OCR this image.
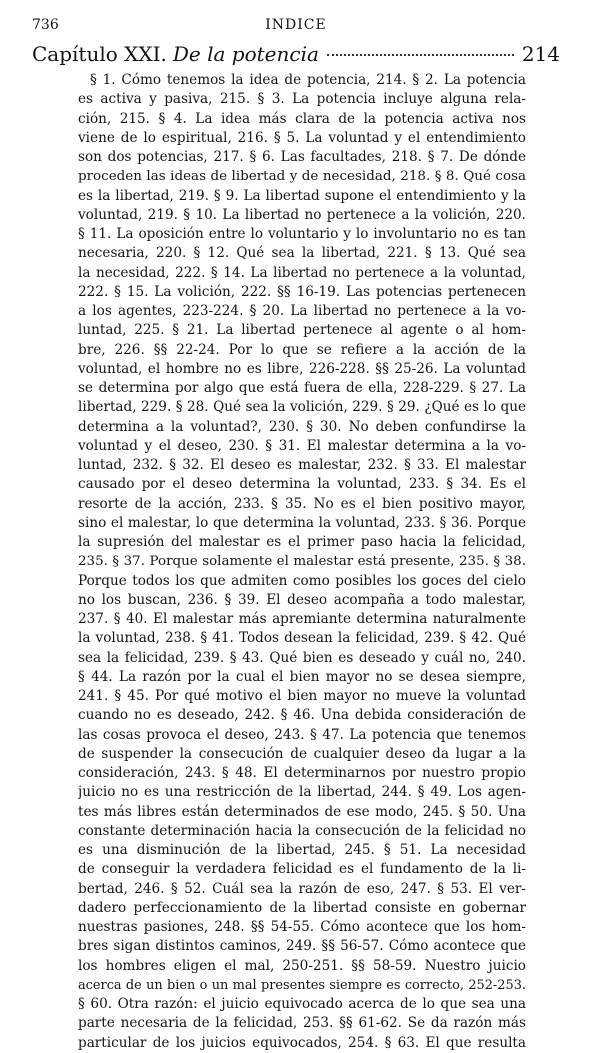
736	INDICE
Capítulo XXI. De la potencia	214
§ 1. Cómo tenemos la idea de potencia, 214. § 2. La potencia
es activa y pasiva, 215. § 3. La potencia incluye alguna rela-
ción, 215. § 4. La idea más clara de la potencia activa nos
viene de lo espiritual, 216. § 5. La voluntad y el entendimiento
son dos potencias, 217. § 6. Las facultades, 218. § 7. De dónde
proceden las ideas de libertad y de necesidad, 218. § 8. Qué cosa
es la libertad, 219. § 9. La libertad supone el entendimiento y la
voluntad, 219. § 10. La libertad no pertenece a la volición, 220.
§ 11. La oposición entre lo voluntario y lo involuntario no es tan
necesaria, 220. § 12. Qué sea la libertad, 221. § 13. Qué sea
la necesidad, 222. § 14. La libertad no pertenece a la voluntad,
222. § 15. La volición, 222. §§ 16-19. Las potencias pertenecen
a los agentes, 223-224. § 20. La libertad no pertenece a la vo-
luntad, 225. § 21. La libertad pertenece al agente o al hom-
bre, 226. §§ 22-24. Por lo que se refiere a la acción de la
voluntad, el hombre no es libre, 226-228. §§ 25-26. La voluntad
se determina por algo que está fuera de ella, 228-229. § 27. La
libertad, 229. § 28. Qué sea la volición, 229. § 29. ¿Qué es lo que
determina a la voluntad?, 230. § 30. No deben confundirse la
voluntad y el deseo, 230. § 31. El malestar determina a la vo-
luntad, 232. § 32. El deseo es malestar, 232. § 33. El malestar
causado por el deseo determina la voluntad, 233. § 34. Es el
resorte de la acción, 233. § 35. No es el bien positivo mayor,
sino el malestar, lo que determina la voluntad, 233. § 36. Porque
la supresión del malestar es el primer paso hacia la felicidad,
235. § 37. Porque solamente el malestar está presente, 235. § 38.
Porque todos los que admiten como posibles los goces del cielo
no los buscan, 236. § 39. El deseo acompaña a todo malestar,
237. § 40. El malestar más apremiante determina naturalmente
la voluntad, 238. § 41. Todos desean la felicidad, 239. § 42. Qué
sea la felicidad, 239. § 43. Qué bien es deseado y cuál no, 240.
§ 44. La razón por la cual el bien mayor no se desea siempre,
241. § 45. Por qué motivo el bien mayor no mueve la voluntad
cuando no es deseado, 242. § 46. Una debida consideración de
las cosas provoca el deseo, 243. § 47. La potencia que tenemos
de suspender la consecución de cualquier deseo da lugar a la
consideración, 243. § 48. El determinarnos por nuestro propio
juicio no es una restricción de la libertad, 244. § 49. Los agen-
tes más libres están determinados de ese modo, 245. § 50. Una
constante determinación hacia la consecución de la felicidad no
es una disminución de la libertad, 245. § 51. La necesidad
de conseguir la verdadera felicidad es el fundamento de la li-
bertad, 246. § 52. Cuál sea la razón de eso, 247. § 53. El ver-
dadero perfeccionamiento de la libertad consiste en gobernar
nuestras pasiones, 248. §§ 54-55. Cómo acontece que los hom-
bres sigan distintos caminos, 249. §§ 56-57. Cómo acontece que
los hombres eligen el mal, 250-251. §§ 58-59. Nuestro juicio
acerca de un bien o un mal presentes siempre es correcto, 252-253.
§ 60. Otra razón: el juicio equivocado acerca de lo que sea una
parte necesaria de la felicidad, 253. §§ 61-62. Se da razón más
particular de los juicios equivocados, 254. § 63. El que resulta
